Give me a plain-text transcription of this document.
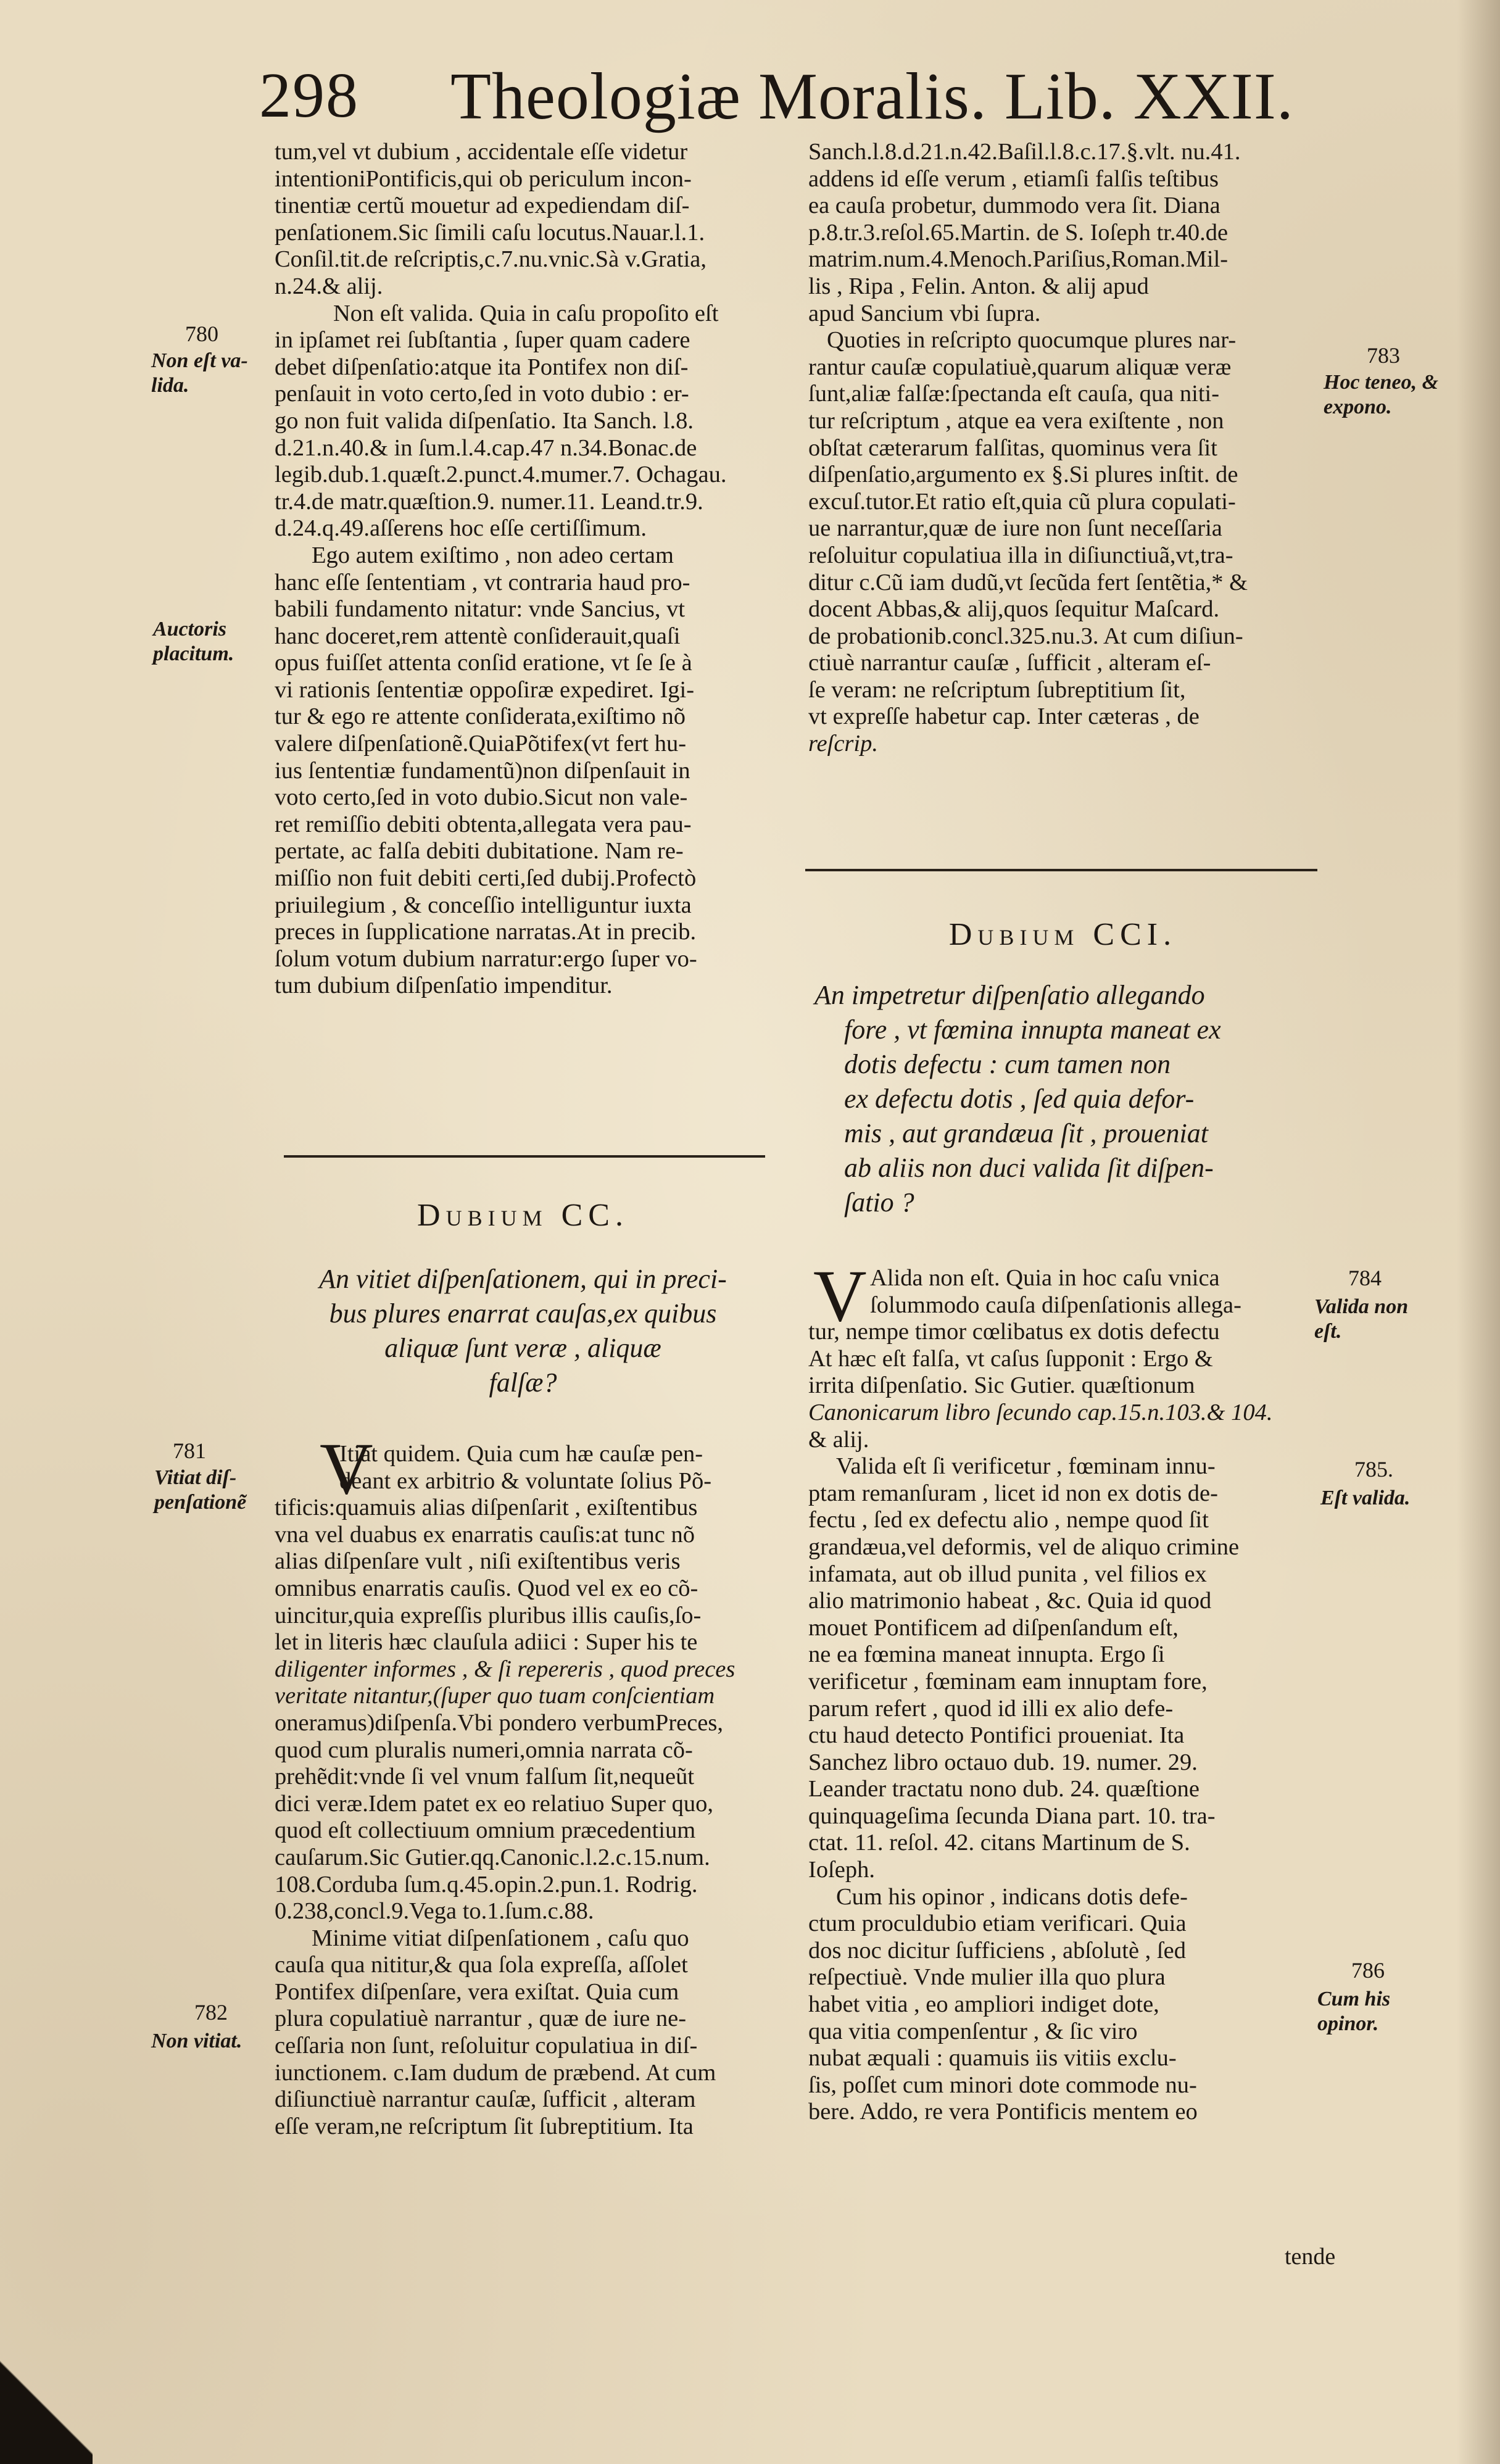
298 Theologiæ Moralis. Lib. XXII.
tum,vel vt dubium , accidentale eſſe videtur
intentioniPontificis,qui ob periculum incon-
tinentiæ certũ mouetur ad expediendam diſ-
penſationem.Sic ſimili caſu locutus.Nauar.l.1.
Conſil.tit.de reſcriptis,c.7.nu.vnic.Sà v.Gratia,
n.24.& alij.
Non eſt valida. Quia in caſu propoſito eſt
in ipſamet rei ſubſtantia , ſuper quam cadere
debet diſpenſatio:atque ita Pontifex non diſ-
penſauit in voto certo,ſed in voto dubio : er-
go non fuit valida diſpenſatio. Ita Sanch. l.8.
d.21.n.40.& in ſum.l.4.cap.47 n.34.Bonac.de
legib.dub.1.quæſt.2.punct.4.mumer.7. Ochagau.
tr.4.de matr.quæſtion.9. numer.11. Leand.tr.9.
d.24.q.49.aſſerens hoc eſſe certiſſimum.
Ego autem exiſtimo , non adeo certam
hanc eſſe ſententiam , vt contraria haud pro-
babili fundamento nitatur: vnde Sancius, vt
hanc doceret,rem attentè conſiderauit,quaſi
opus fuiſſet attenta conſid eratione, vt ſe ſe à
vi rationis ſententiæ oppoſiræ expediret. Igi-
tur & ego re attente conſiderata,exiſtimo nõ
valere diſpenſationẽ.QuiaPõtifex(vt fert hu-
ius ſententiæ fundamentũ)non diſpenſauit in
voto certo,ſed in voto dubio.Sicut non vale-
ret remiſſio debiti obtenta,allegata vera pau-
pertate, ac falſa debiti dubitatione. Nam re-
miſſio non fuit debiti certi,ſed dubij.Profectò
priuilegium , & conceſſio intelliguntur iuxta
preces in ſupplicatione narratas.At in precib.
ſolum votum dubium narratur:ergo ſuper vo-
tum dubium diſpenſatio impenditur.
Dubium CC.
An vitiet diſpenſationem, qui in preci-
bus plures enarrat cauſas,ex quibus
aliquæ ſunt veræ , aliquæ
falſæ?
V
Itiat quidem. Quia cum hæ cauſæ pen-
deant ex arbitrio & voluntate ſolius Põ-
tificis:quamuis alias diſpenſarit , exiſtentibus
vna vel duabus ex enarratis cauſis:at tunc nõ
alias diſpenſare vult , niſi exiſtentibus veris
omnibus enarratis cauſis. Quod vel ex eo cõ-
uincitur,quia expreſſis pluribus illis cauſis,ſo-
let in literis hæc clauſula adiici : Super his te
diligenter informes , & ſi repereris , quod preces
veritate nitantur,(ſuper quo tuam conſcientiam
oneramus)diſpenſa.Vbi pondero verbumPreces,
quod cum pluralis numeri,omnia narrata cõ-
prehẽdit:vnde ſi vel vnum falſum ſit,nequeũt
dici veræ.Idem patet ex eo relatiuo Super quo,
quod eſt collectiuum omnium præcedentium
cauſarum.Sic Gutier.qq.Canonic.l.2.c.15.num.
108.Corduba ſum.q.45.opin.2.pun.1. Rodrig.
0.238,concl.9.Vega to.1.ſum.c.88.
Minime vitiat diſpenſationem , caſu quo
cauſa qua nititur,& qua ſola expreſſa, aſſolet
Pontifex diſpenſare, vera exiſtat. Quia cum
plura copulatiuè narrantur , quæ de iure ne-
ceſſaria non ſunt, reſoluitur copulatiua in diſ-
iunctionem. c.Iam dudum de præbend. At cum
diſiunctiuè narrantur cauſæ, ſufficit , alteram
eſſe veram,ne reſcriptum ſit ſubreptitium. Ita
Sanch.l.8.d.21.n.42.Baſil.l.8.c.17.§.vlt. nu.41.
addens id eſſe verum , etiamſi falſis teſtibus
ea cauſa probetur, dummodo vera ſit. Diana
p.8.tr.3.reſol.65.Martin. de S. Ioſeph tr.40.de
matrim.num.4.Menoch.Pariſius,Roman.Mil-
lis , Ripa , Felin. Anton. & alij apud
apud Sancium vbi ſupra.
Quoties in reſcripto quocumque plures nar-
rantur cauſæ copulatiuè,quarum aliquæ veræ
ſunt,aliæ falſæ:ſpectanda eſt cauſa, qua niti-
tur reſcriptum , atque ea vera exiſtente , non
obſtat cæterarum falſitas, quominus vera ſit
diſpenſatio,argumento ex §.Si plures inſtit. de
excuſ.tutor.Et ratio eſt,quia cũ plura copulati-
ue narrantur,quæ de iure non ſunt neceſſaria
reſoluitur copulatiua illa in diſiunctiuã,vt,tra-
ditur c.Cũ iam dudũ,vt ſecũda fert ſentẽtia,* &
docent Abbas,& alij,quos ſequitur Maſcard.
de probationib.concl.325.nu.3. At cum diſiun-
ctiuè narrantur cauſæ , ſufficit , alteram eſ-
ſe veram: ne reſcriptum ſubreptitium ſit,
vt expreſſe habetur cap. Inter cæteras , de
reſcrip.
Dubium CCI.
An impetretur diſpenſatio allegando
fore , vt fœmina innupta maneat ex
dotis defectu : cum tamen non
ex defectu dotis , ſed quia defor-
mis , aut grandæua ſit , proueniat
ab aliis non duci valida ſit diſpen-
ſatio ?
V Alida non eſt. Quia in hoc caſu vnica
ſolummodo cauſa diſpenſationis allega-
tur, nempe timor cœlibatus ex dotis defectu
At hæc eſt falſa, vt caſus ſupponit : Ergo &
irrita diſpenſatio. Sic Gutier. quæſtionum
Canonicarum libro ſecundo cap.15.n.103.& 104.
& alij.
Valida eſt ſi verificetur , fœminam innu-
ptam remanſuram , licet id non ex dotis de-
fectu , ſed ex defectu alio , nempe quod ſit
grandæua,vel deformis, vel de aliquo crimine
infamata, aut ob illud punita , vel filios ex
alio matrimonio habeat , &c. Quia id quod
mouet Pontificem ad diſpenſandum eſt,
ne ea fœmina maneat innupta. Ergo ſi
verificetur , fœminam eam innuptam fore,
parum refert , quod id illi ex alio defe-
ctu haud detecto Pontifici proueniat. Ita
Sanchez libro octauo dub. 19. numer. 29.
Leander tractatu nono dub. 24. quæſtione
quinquageſima ſecunda Diana part. 10. tra-
ctat. 11. reſol. 42. citans Martinum de S.
Ioſeph.
Cum his opinor , indicans dotis defe-
ctum proculdubio etiam verificari. Quia
dos noc dicitur ſufficiens , abſolutè , ſed
reſpectiuè. Vnde mulier illa quo plura
habet vitia , eo ampliori indiget dote,
qua vitia compenſentur , & ſic viro
nubat æquali : quamuis iis vitiis exclu-
ſis, poſſet cum minori dote commode nu-
bere. Addo, re vera Pontificis mentem eo
tende
780
Non eſt va- lida.
Auctoris placitum.
781
Vitiat diſ- penſationẽ
782
Non vitiat.
783
Hoc teneo, & expono.
784
Valida non eſt.
785.
Eſt valida.
786
Cum his opinor.
